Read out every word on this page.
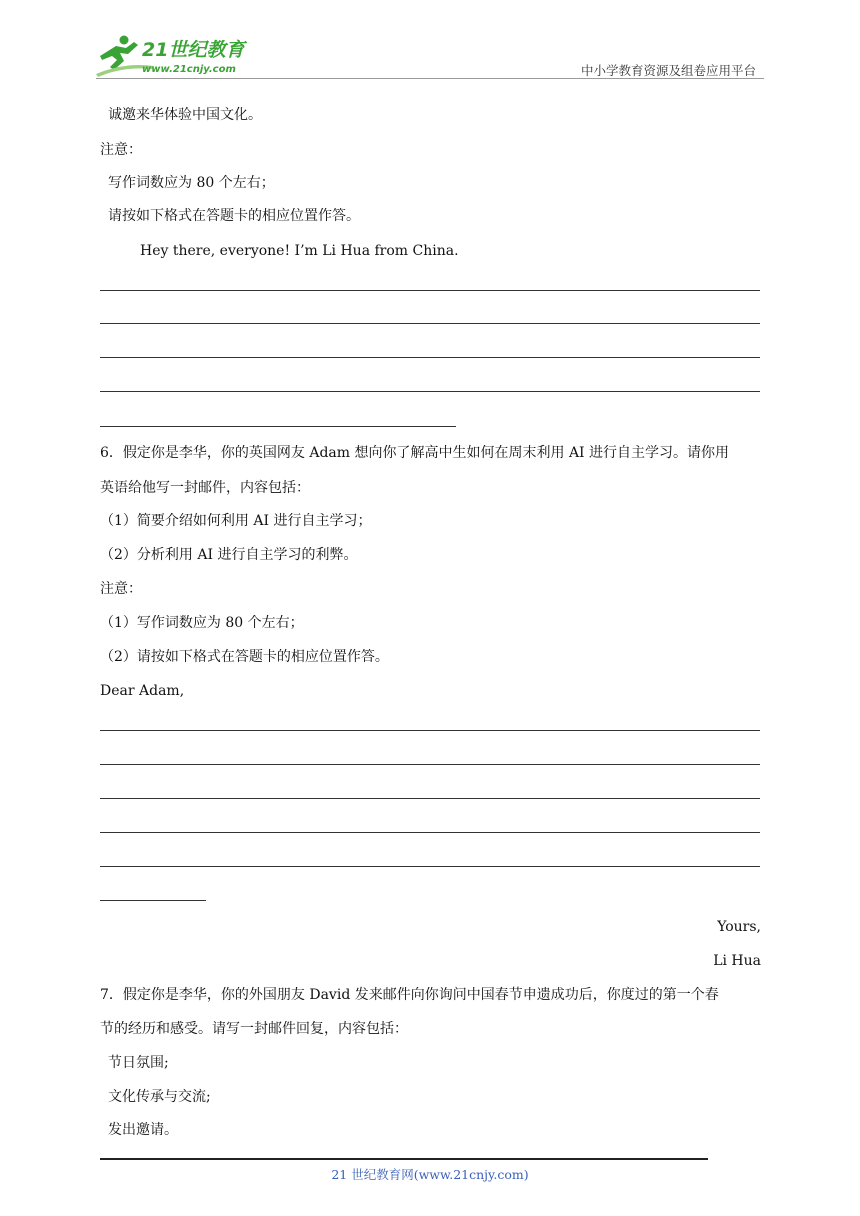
21世纪教育
www.21cnjy.com	中小学教育资源及组卷应用平台
诚邀来华体验中国文化。
注意：
写作词数应为 80 个左右；
请按如下格式在答题卡的相应位置作答。
Hey there, everyone! I’m Li Hua from China.
6．假定你是李华，你的英国网友 Adam 想向你了解高中生如何在周末利用 AI 进行自主学习。请你用
英语给他写一封邮件，内容包括：
（1）简要介绍如何利用 AI 进行自主学习；
（2）分析利用 AI 进行自主学习的利弊。
注意：
（1）写作词数应为 80 个左右；
（2）请按如下格式在答题卡的相应位置作答。
Dear Adam,
Yours,
Li Hua
7．假定你是李华，你的外国朋友 David 发来邮件向你询问中国春节申遗成功后，你度过的第一个春
节的经历和感受。请写一封邮件回复，内容包括：
节日氛围;
文化传承与交流;
发出邀请。
21 世纪教育网(www.21cnjy.com)
